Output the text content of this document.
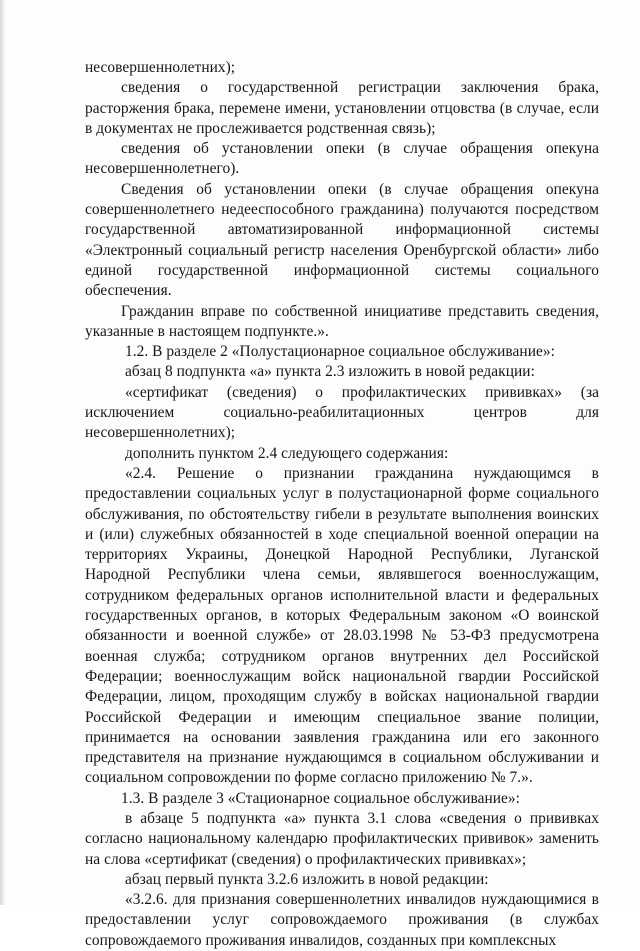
несовершеннолетних);

сведения о государственной регистрации заключения брака, расторжения брака, перемене имени, установлении отцовства (в случае, если в документах не прослеживается родственная связь);

сведения об установлении опеки (в случае обращения опекуна несовершеннолетнего).

Сведения об установлении опеки (в случае обращения опекуна совершеннолетнего недееспособного гражданина) получаются посредством государственной автоматизированной информационной системы «Электронный социальный регистр населения Оренбургской области» либо единой государственной информационной системы социального обеспечения.

Гражданин вправе по собственной инициативе представить сведения, указанные в настоящем подпункте.».

1.2. В разделе 2 «Полустационарное социальное обслуживание»:

абзац 8 подпункта «а» пункта 2.3 изложить в новой редакции:

«сертификат (сведения) о профилактических прививках» (за исключением социально-реабилитационных центров для несовершеннолетних);

дополнить пунктом 2.4 следующего содержания:

«2.4. Решение о признании гражданина нуждающимся в предоставлении социальных услуг в полустационарной форме социального обслуживания, по обстоятельству гибели в результате выполнения воинских и (или) служебных обязанностей в ходе специальной военной операции на территориях Украины, Донецкой Народной Республики, Луганской Народной Республики члена семьи, являвшегося военнослужащим, сотрудником федеральных органов исполнительной власти и федеральных государственных органов, в которых Федеральным законом «О воинской обязанности и военной службе» от 28.03.1998 № 53-ФЗ предусмотрена военная служба; сотрудником органов внутренних дел Российской Федерации; военнослужащим войск национальной гвардии Российской Федерации, лицом, проходящим службу в войсках национальной гвардии Российской Федерации и имеющим специальное звание полиции, принимается на основании заявления гражданина или его законного представителя на признание нуждающимся в социальном обслуживании и социальном сопровождении по форме согласно приложению № 7.».

1.3. В разделе 3 «Стационарное социальное обслуживание»:

в абзаце 5 подпункта «а» пункта 3.1 слова «сведения о прививках согласно национальному календарю профилактических прививок» заменить на слова «сертификат (сведения) о профилактических прививках»;

абзац первый пункта 3.2.6 изложить в новой редакции:

«3.2.6. для признания совершеннолетних инвалидов нуждающимися в предоставлении услуг сопровождаемого проживания (в службах сопровождаемого проживания инвалидов, созданных при комплексных
